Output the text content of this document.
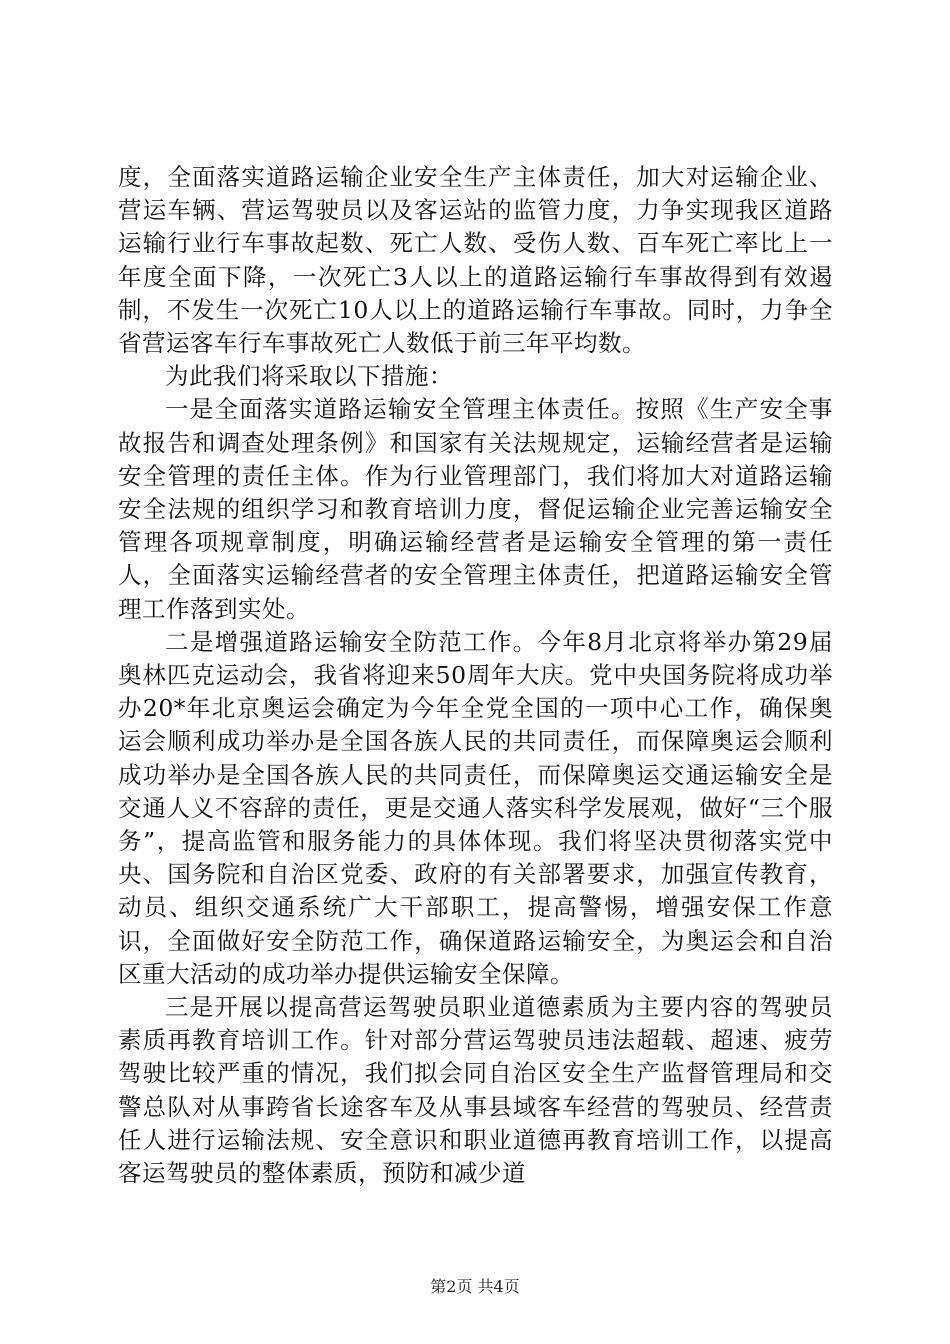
度，全面落实道路运输企业安全生产主体责任，加大对运输企业、营运车辆、营运驾驶员以及客运站的监管力度，力争实现我区道路运输行业行车事故起数、死亡人数、受伤人数、百车死亡率比上一年度全面下降，一次死亡3人以上的道路运输行车事故得到有效遏制，不发生一次死亡10人以上的道路运输行车事故。同时，力争全省营运客车行车事故死亡人数低于前三年平均数。

为此我们将采取以下措施：

一是全面落实道路运输安全管理主体责任。按照《生产安全事故报告和调查处理条例》和国家有关法规规定，运输经营者是运输安全管理的责任主体。作为行业管理部门，我们将加大对道路运输安全法规的组织学习和教育培训力度，督促运输企业完善运输安全管理各项规章制度，明确运输经营者是运输安全管理的第一责任人，全面落实运输经营者的安全管理主体责任，把道路运输安全管理工作落到实处。

二是增强道路运输安全防范工作。今年8月北京将举办第29届奥林匹克运动会，我省将迎来50周年大庆。党中央国务院将成功举办20*年北京奥运会确定为今年全党全国的一项中心工作，确保奥运会顺利成功举办是全国各族人民的共同责任，而保障奥运会顺利成功举办是全国各族人民的共同责任，而保障奥运交通运输安全是交通人义不容辞的责任，更是交通人落实科学发展观，做好“三个服务”，提高监管和服务能力的具体体现。我们将坚决贯彻落实党中央、国务院和自治区党委、政府的有关部署要求，加强宣传教育，动员、组织交通系统广大干部职工，提高警惕，增强安保工作意识，全面做好安全防范工作，确保道路运输安全，为奥运会和自治区重大活动的成功举办提供运输安全保障。

三是开展以提高营运驾驶员职业道德素质为主要内容的驾驶员素质再教育培训工作。针对部分营运驾驶员违法超载、超速、疲劳驾驶比较严重的情况，我们拟会同自治区安全生产监督管理局和交警总队对从事跨省长途客车及从事县域客车经营的驾驶员、经营责任人进行运输法规、安全意识和职业道德再教育培训工作，以提高客运驾驶员的整体素质，预防和减少道

第2页 共4页
